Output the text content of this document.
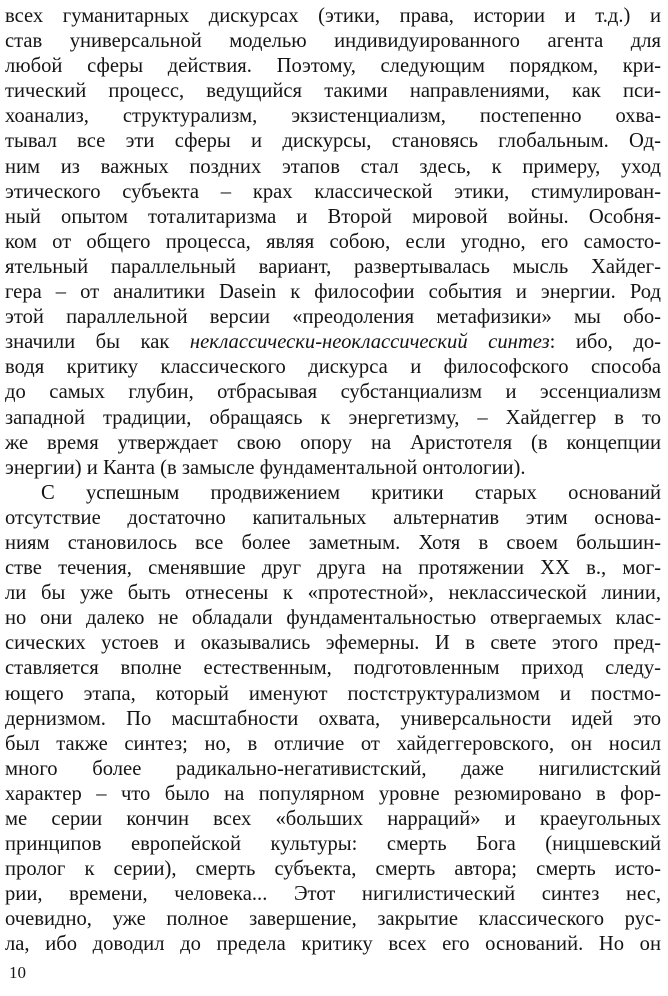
всех гуманитарных дискурсах (этики, права, истории и т.д.) и
став универсальной моделью индивидуированного агента для
любой сферы действия. Поэтому, следующим порядком, кри-
тический процесс, ведущийся такими направлениями, как пси-
хоанализ, структурализм, экзистенциализм, постепенно охва-
тывал все эти сферы и дискурсы, становясь глобальным. Од-
ним из важных поздних этапов стал здесь, к примеру, уход
этического субъекта – крах классической этики, стимулирован-
ный опытом тоталитаризма и Второй мировой войны. Особня-
ком от общего процесса, являя собою, если угодно, его самосто-
ятельный параллельный вариант, развертывалась мысль Хайдег-
гера – от аналитики Dasein к философии события и энергии. Род
этой параллельной версии «преодоления метафизики» мы обо-
значили бы как неклассически-неоклассический синтез: ибо, до-
водя критику классического дискурса и философского способа
до самых глубин, отбрасывая субстанциализм и эссенциализм
западной традиции, обращаясь к энергетизму, – Хайдеггер в то
же время утверждает свою опору на Аристотеля (в концепции
энергии) и Канта (в замысле фундаментальной онтологии).
С успешным продвижением критики старых оснований
отсутствие достаточно капитальных альтернатив этим основа-
ниям становилось все более заметным. Хотя в своем большин-
стве течения, сменявшие друг друга на протяжении XX в., мог-
ли бы уже быть отнесены к «протестной», неклассической линии,
но они далеко не обладали фундаментальностью отвергаемых клас-
сических устоев и оказывались эфемерны. И в свете этого пред-
ставляется вполне естественным, подготовленным приход следу-
ющего этапа, который именуют постструктурализмом и постмо-
дернизмом. По масштабности охвата, универсальности идей это
был также синтез; но, в отличие от хайдеггеровского, он носил
много более радикально-негативистский, даже нигилистский
характер – что было на популярном уровне резюмировано в фор-
ме серии кончин всех «больших нарраций» и краеугольных
принципов европейской культуры: смерть Бога (ницшевский
пролог к серии), смерть субъекта, смерть автора; смерть исто-
рии, времени, человека... Этот нигилистический синтез нес,
очевидно, уже полное завершение, закрытие классического рус-
ла, ибо доводил до предела критику всех его оснований. Но он
10
